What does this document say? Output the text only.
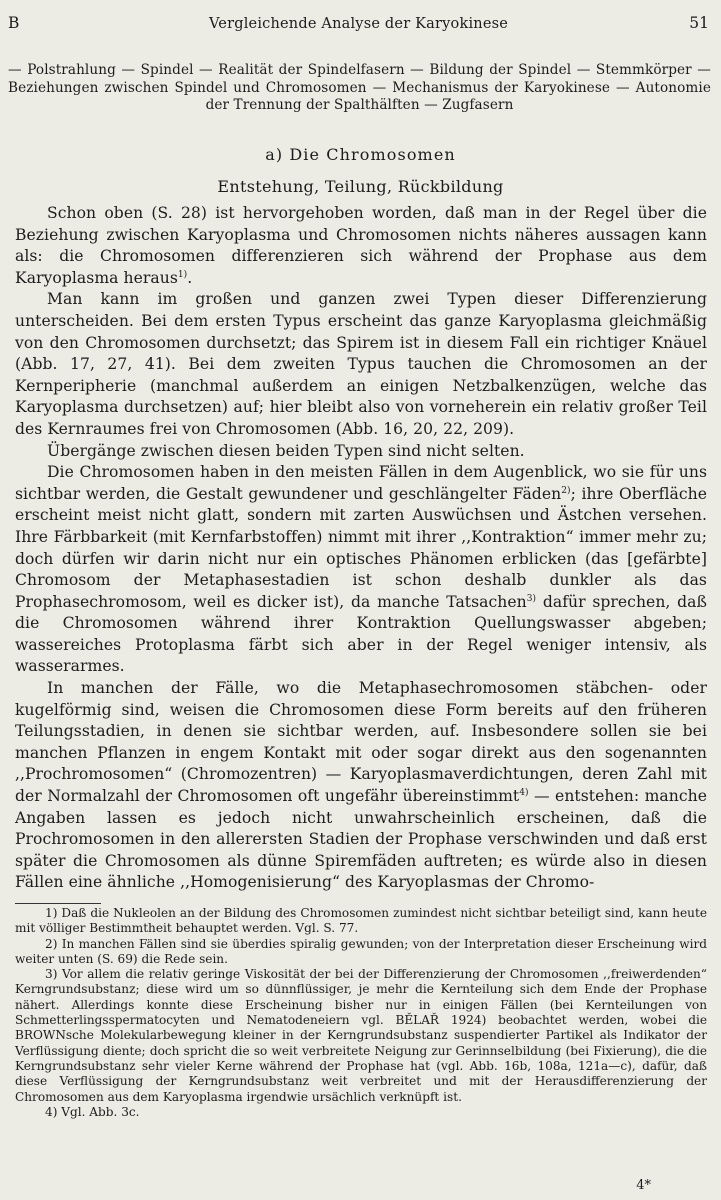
B	Vergleichende Analyse der Karyokinese	51
— Polstrahlung — Spindel — Realität der Spindelfasern — Bildung der Spindel — Stemmkörper — Beziehungen zwischen Spindel und Chromosomen — Mechanismus der Karyokinese — Autonomie der Trennung der Spalthälften — Zugfasern
a) Die Chromosomen
Entstehung, Teilung, Rückbildung

Schon oben (S. 28) ist hervorgehoben worden, daß man in der Regel über die Beziehung zwischen Karyoplasma und Chromosomen nichts näheres aussagen kann als: die Chromosomen differenzieren sich während der Prophase aus dem Karyoplasma heraus$^{1)}$.

Man kann im großen und ganzen zwei Typen dieser Differenzierung unterscheiden. Bei dem ersten Typus erscheint das ganze Karyoplasma gleichmäßig von den Chromosomen durchsetzt; das Spirem ist in diesem Fall ein richtiger Knäuel (Abb. 17, 27, 41). Bei dem zweiten Typus tauchen die Chromosomen an der Kernperipherie (manchmal außerdem an einigen Netzbalkenzügen, welche das Karyoplasma durchsetzen) auf; hier bleibt also von vorneherein ein relativ großer Teil des Kernraumes frei von Chromosomen (Abb. 16, 20, 22, 209).

Übergänge zwischen diesen beiden Typen sind nicht selten.

Die Chromosomen haben in den meisten Fällen in dem Augenblick, wo sie für uns sichtbar werden, die Gestalt gewundener und geschlängelter Fäden$^{2)}$; ihre Oberfläche erscheint meist nicht glatt, sondern mit zarten Auswüchsen und Ästchen versehen. Ihre Färbbarkeit (mit Kernfarbstoffen) nimmt mit ihrer ,,Kontraktion“ immer mehr zu; doch dürfen wir darin nicht nur ein optisches Phänomen erblicken (das [gefärbte] Chromosom der Metaphasestadien ist schon deshalb dunkler als das Prophasechromosom, weil es dicker ist), da manche Tatsachen$^{3)}$ dafür sprechen, daß die Chromosomen während ihrer Kontraktion Quellungswasser abgeben; wassereiches Protoplasma färbt sich aber in der Regel weniger intensiv, als wasserarmes.

In manchen der Fälle, wo die Metaphasechromosomen stäbchen- oder kugelförmig sind, weisen die Chromosomen diese Form bereits auf den früheren Teilungsstadien, in denen sie sichtbar werden, auf. Insbesondere sollen sie bei manchen Pflanzen in engem Kontakt mit oder sogar direkt aus den sogenannten ,,Prochromosomen“ (Chromozentren) — Karyoplasmaverdichtungen, deren Zahl mit der Normalzahl der Chromosomen oft ungefähr übereinstimmt$^{4)}$ — entstehen: manche Angaben lassen es jedoch nicht unwahrscheinlich erscheinen, daß die Prochromosomen in den allerersten Stadien der Prophase verschwinden und daß erst später die Chromosomen als dünne Spiremfäden auftreten; es würde also in diesen Fällen eine ähnliche ,,Homogenisierung“ des Karyoplasmas der Chromo-

1) Daß die Nukleolen an der Bildung des Chromosomen zumindest nicht sichtbar beteiligt sind, kann heute mit völliger Bestimmtheit behauptet werden. Vgl. S. 77.

2) In manchen Fällen sind sie überdies spiralig gewunden; von der Interpretation dieser Erscheinung wird weiter unten (S. 69) die Rede sein.

3) Vor allem die relativ geringe Viskosität der bei der Differenzierung der Chromosomen ,,freiwerdenden“ Kerngrundsubstanz; diese wird um so dünnflüssiger, je mehr die Kernteilung sich dem Ende der Prophase nähert. Allerdings konnte diese Erscheinung bisher nur in einigen Fällen (bei Kernteilungen von Schmetterlingsspermatocyten und Nematodeneiern vgl. BĚLAŘ 1924) beobachtet werden, wobei die BROWNsche Molekularbewegung kleiner in der Kerngrundsubstanz suspendierter Partikel als Indikator der Verflüssigung diente; doch spricht die so weit verbreitete Neigung zur Gerinnselbildung (bei Fixierung), die die Kerngrundsubstanz sehr vieler Kerne während der Prophase hat (vgl. Abb. 16b, 108a, 121a—c), dafür, daß diese Verflüssigung der Kerngrundsubstanz weit verbreitet und mit der Herausdifferenzierung der Chromosomen aus dem Karyoplasma irgendwie ursächlich verknüpft ist.

4) Vgl. Abb. 3c.

4*
